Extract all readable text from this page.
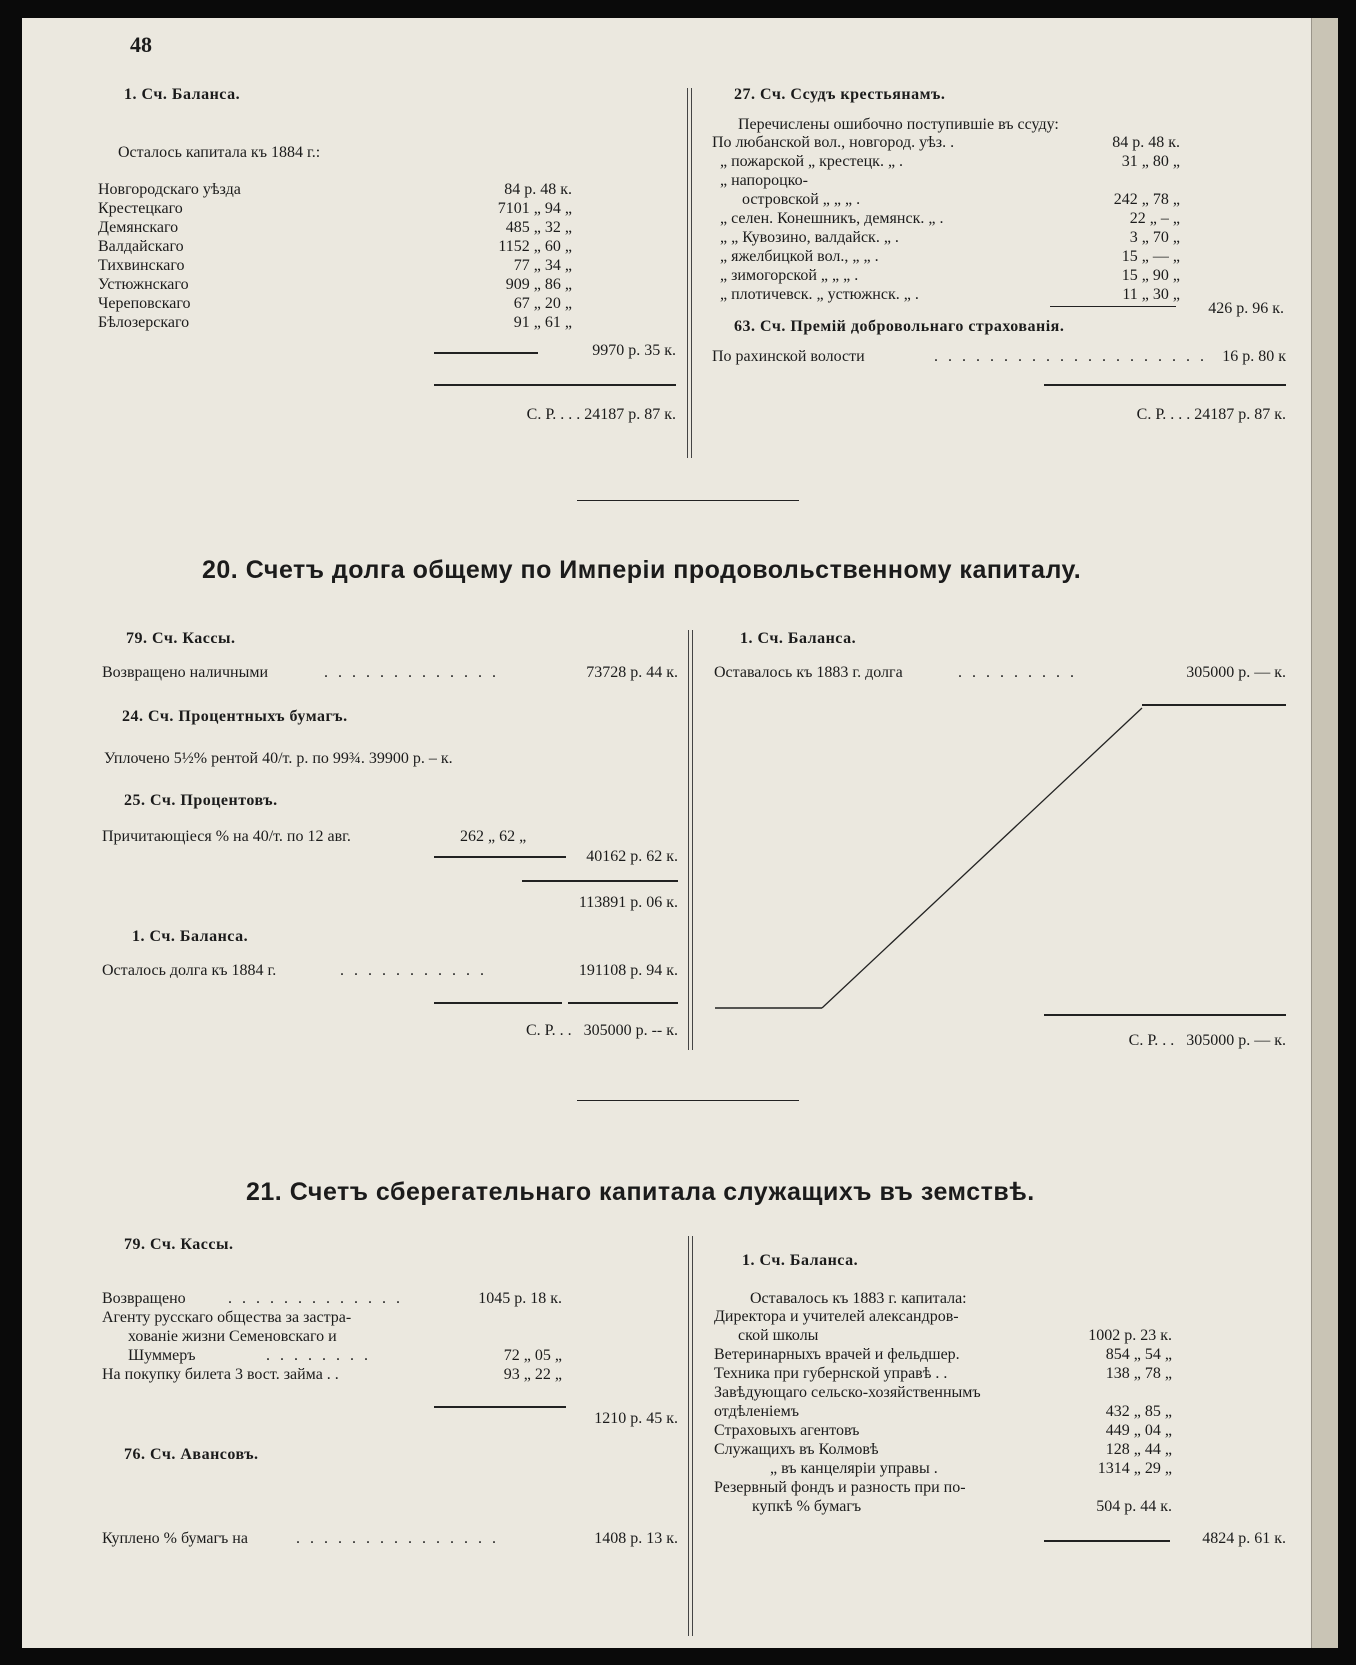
48
1. Сч. Баланса.
Осталось капитала къ 1884 г.:
Новгородскаго уѣзда	84 р. 48 к.
Крестецкаго	7101 „ 94 „
Демянскаго	485 „ 32 „
Валдайскаго	1152 „ 60 „
Тихвинскаго	77 „ 34 „
Устюжнскаго	909 „ 86 „
Череповскаго	67 „ 20 „
Бѣлозерскаго	91 „ 61 „
9970 р. 35 к.
С. Р. . . . 24187 р. 87 к.
27. Сч. Ссудъ крестьянамъ.
Перечислены ошибочно поступившіе въ ссуду:
По любанской вол., новгород. уѣз. .	84 р. 48 к.
„ пожарской „ крестецк. „ .	31 „ 80 „
„ напороцко-
островской „ „ „ .	242 „ 78 „
„ селен. Конешникъ, демянск. „ .	22 „ – „
„ „ Кувозино, валдайск. „ .	3 „ 70 „
„ яжелбицкой вол., „ „ .	15 „ — „
„ зимогорской „ „ „ .	15 „ 90 „
„ плотичевск. „ устюжнск. „ .	11 „ 30 „
426 р. 96 к.
63. Сч. Премій добровольнаго страхованія.
По рахинской волости	. . . . . . . . . . . . . . . . . . . . 16 р. 80 к
С. Р. . . . 24187 р. 87 к.
20. Счетъ долга общему по Имперіи продовольственному капиталу.
79. Сч. Кассы.
Возвращено наличными	. . . . . . . . . . . . .	73728 р. 44 к.
24. Сч. Процентныхъ бумагъ.
Уплочено 5½% рентой 40/т. р. по 99¾. 39900 р. – к.
25. Сч. Процентовъ.
Причитающіеся % на 40/т. по 12 авг.	262 „ 62 „
40162 р. 62 к.
113891 р. 06 к.
1. Сч. Баланса.
Осталось долга къ 1884 г.	. . . . . . . . . . .	191108 р. 94 к.
С. Р. . .   305000 р. -- к.
1. Сч. Баланса.
Оставалось къ 1883 г. долга	. . . . . . . . .	305000 р. — к.
С. Р. . .   305000 р. — к.
21. Счетъ сберегательнаго капитала служащихъ въ земствѣ.
79. Сч. Кассы.
Возвращено	. . . . . . . . . . . . .	1045 р. 18 к.
Агенту русскаго общества за застра-
хованіе жизни Семеновскаго и
Шуммеръ	. . . . . . . .	72 „ 05 „
На покупку билета 3 вост. займа . .	93 „ 22 „
1210 р. 45 к.
76. Сч. Авансовъ.
Куплено % бумагъ на	. . . . . . . . . . . . . . .	1408 р. 13 к.
1. Сч. Баланса.
Оставалось къ 1883 г. капитала:
Директора и учителей александров-
ской школы	1002 р. 23 к.
Ветеринарныхъ врачей и фельдшер.	854 „ 54 „
Техника при губернской управѣ . .	138 „ 78 „
Завѣдующаго сельско-хозяйственнымъ
отдѣленіемъ	432 „ 85 „
Страховыхъ агентовъ	449 „ 04 „
Служащихъ въ Колмовѣ	128 „ 44 „
„ въ канцеляріи управы .	1314 „ 29 „
Резервный фондъ и разность при по-
купкѣ % бумагъ	504 р. 44 к.
4824 р. 61 к.
